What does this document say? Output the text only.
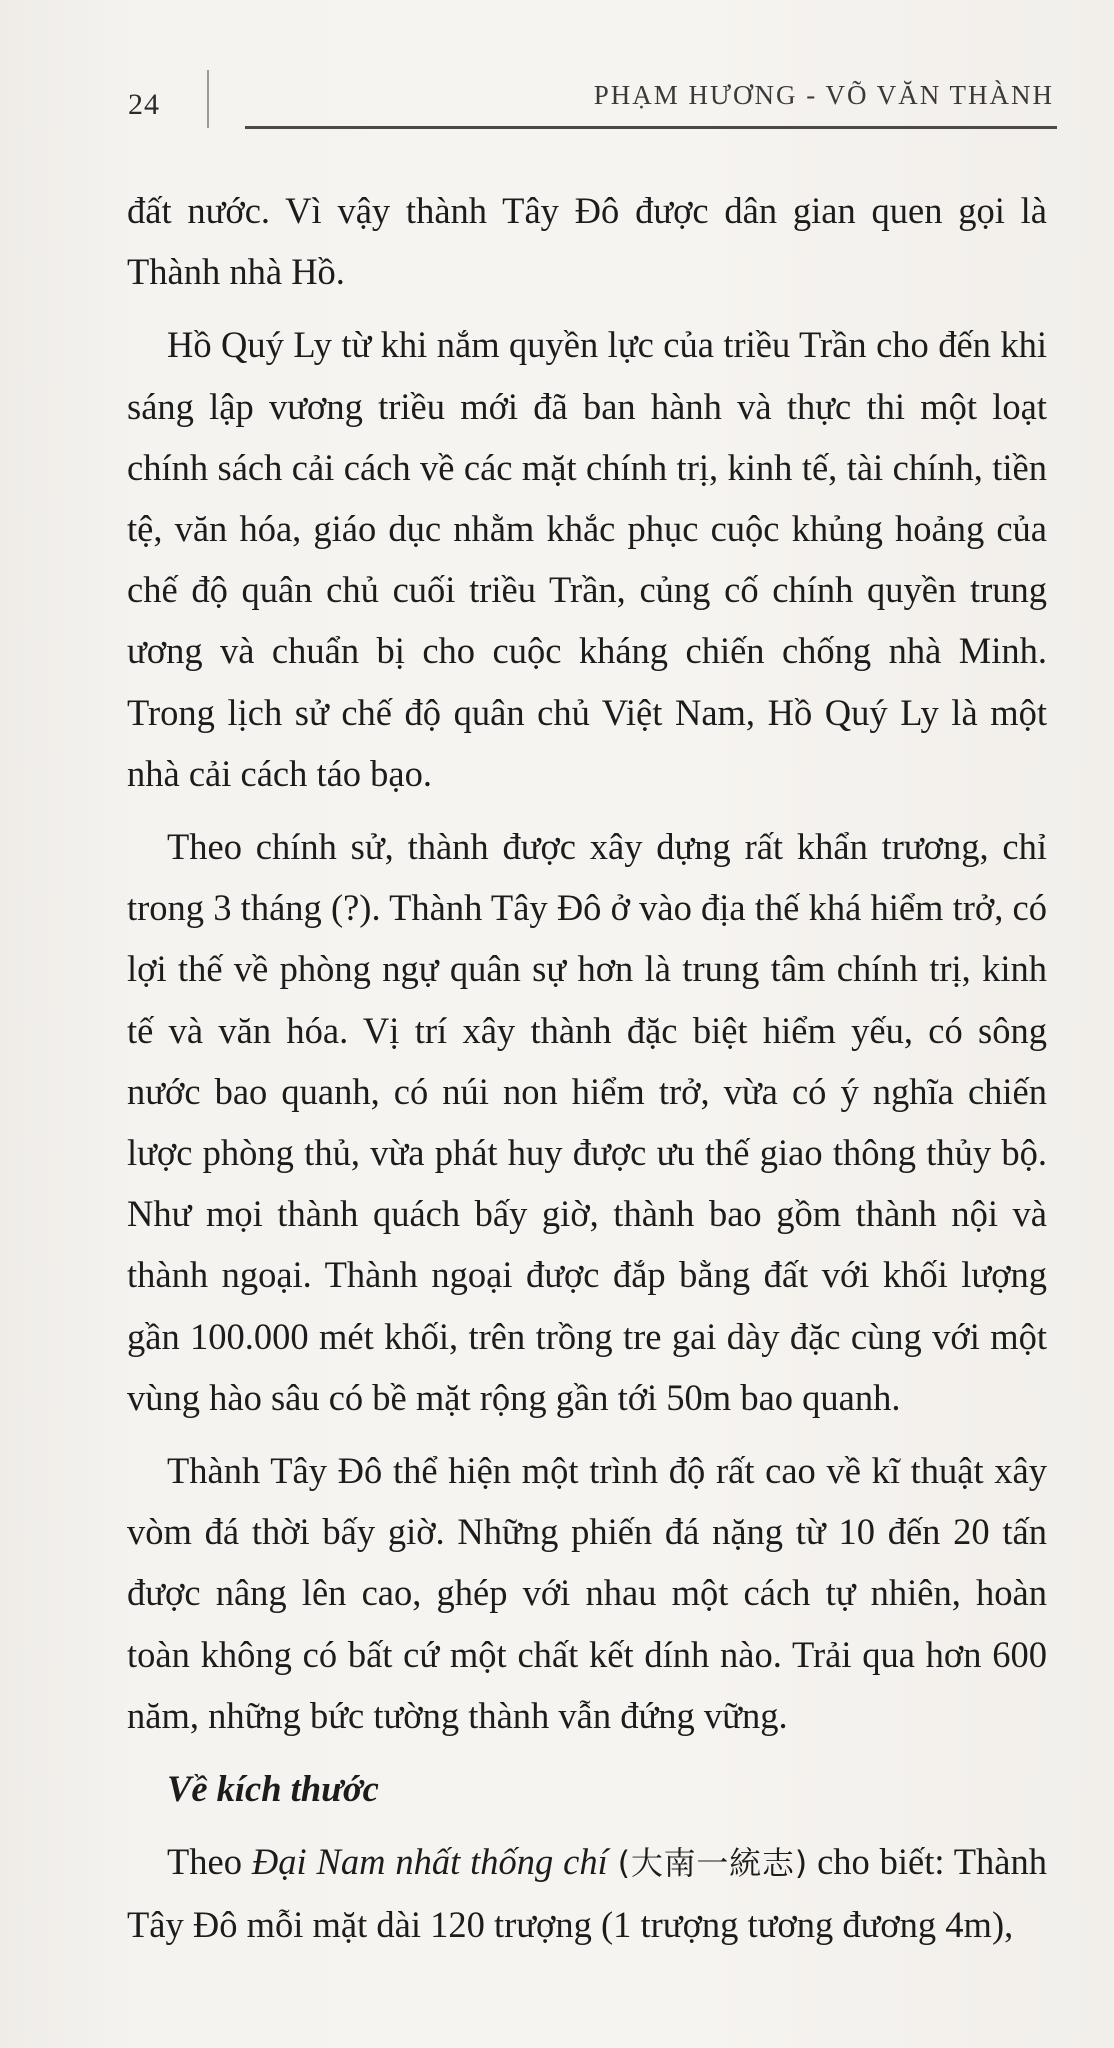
24	PHẠM HƯƠNG - VÕ VĂN THÀNH

đất nước. Vì vậy thành Tây Đô được dân gian quen gọi là Thành nhà Hồ.

Hồ Quý Ly từ khi nắm quyền lực của triều Trần cho đến khi sáng lập vương triều mới đã ban hành và thực thi một loạt chính sách cải cách về các mặt chính trị, kinh tế, tài chính, tiền tệ, văn hóa, giáo dục nhằm khắc phục cuộc khủng hoảng của chế độ quân chủ cuối triều Trần, củng cố chính quyền trung ương và chuẩn bị cho cuộc kháng chiến chống nhà Minh. Trong lịch sử chế độ quân chủ Việt Nam, Hồ Quý Ly là một nhà cải cách táo bạo.

Theo chính sử, thành được xây dựng rất khẩn trương, chỉ trong 3 tháng (?). Thành Tây Đô ở vào địa thế khá hiểm trở, có lợi thế về phòng ngự quân sự hơn là trung tâm chính trị, kinh tế và văn hóa. Vị trí xây thành đặc biệt hiểm yếu, có sông nước bao quanh, có núi non hiểm trở, vừa có ý nghĩa chiến lược phòng thủ, vừa phát huy được ưu thế giao thông thủy bộ. Như mọi thành quách bấy giờ, thành bao gồm thành nội và thành ngoại. Thành ngoại được đắp bằng đất với khối lượng gần 100.000 mét khối, trên trồng tre gai dày đặc cùng với một vùng hào sâu có bề mặt rộng gần tới 50m bao quanh.

Thành Tây Đô thể hiện một trình độ rất cao về kĩ thuật xây vòm đá thời bấy giờ. Những phiến đá nặng từ 10 đến 20 tấn được nâng lên cao, ghép với nhau một cách tự nhiên, hoàn toàn không có bất cứ một chất kết dính nào. Trải qua hơn 600 năm, những bức tường thành vẫn đứng vững.

Về kích thước

Theo Đại Nam nhất thống chí (大南一統志) cho biết: Thành Tây Đô mỗi mặt dài 120 trượng (1 trượng tương đương 4m),
